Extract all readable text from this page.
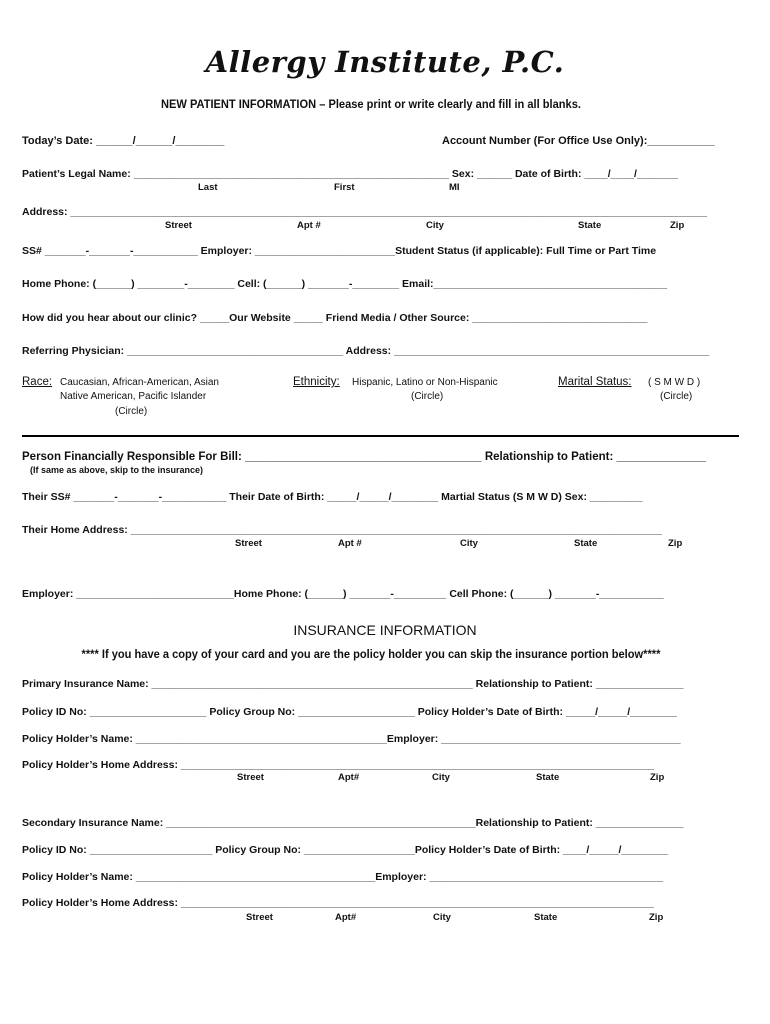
Allergy Institute, P.C.
NEW PATIENT INFORMATION – Please print or write clearly and fill in all blanks.
Today’s Date: ______/______/________	Account Number (For Office Use Only):___________
Patient’s Legal Name: ______________________________________________________ Sex: ______ Date of Birth: ____/____/_______
Last	First	MI
Address: _____________________________________________________________________________________________________________
Street	Apt #	City	State	Zip
SS# _______-_______-___________ Employer: ________________________Student Status (if applicable): Full Time or Part Time
Home Phone: (______) ________-________ Cell: (______) _______-________ Email:________________________________________
How did you hear about our clinic? _____Our Website _____ Friend Media / Other Source: ______________________________
Referring Physician: _____________________________________ Address: ______________________________________________________
Race: Caucasian, African-American, Asian
Native American, Pacific Islander
(Circle)
Ethnicity: Hispanic, Latino or Non-Hispanic
(Circle)
Marital Status: ( S M W D )
(Circle)
Person Financially Responsible For Bill: _____________________________________ Relationship to Patient: ______________
(If same as above, skip to the insurance)
Their SS# _______-_______-___________ Their Date of Birth: _____/_____/________ Martial Status (S M W D) Sex: _________
Their Home Address: ___________________________________________________________________________________________
Street	Apt #	City	State	Zip
Employer: ___________________________Home Phone: (______) _______-_________ Cell Phone: (______) _______-___________
INSURANCE INFORMATION
**** If you have a copy of your card and you are the policy holder you can skip the insurance portion below****
Primary Insurance Name: _______________________________________________________ Relationship to Patient: _______________
Policy ID No: ____________________ Policy Group No: ____________________ Policy Holder’s Date of Birth: _____/_____/________
Policy Holder’s Name: ___________________________________________Employer: _________________________________________
Policy Holder’s Home Address: _________________________________________________________________________________
Street	Apt#	City	State	Zip
Secondary Insurance Name: _____________________________________________________Relationship to Patient: _______________
Policy ID No: _____________________ Policy Group No: ___________________Policy Holder’s Date of Birth: ____/_____/________
Policy Holder’s Name: _________________________________________Employer: ________________________________________
Policy Holder’s Home Address: _________________________________________________________________________________
Street	Apt#	City	State	Zip
